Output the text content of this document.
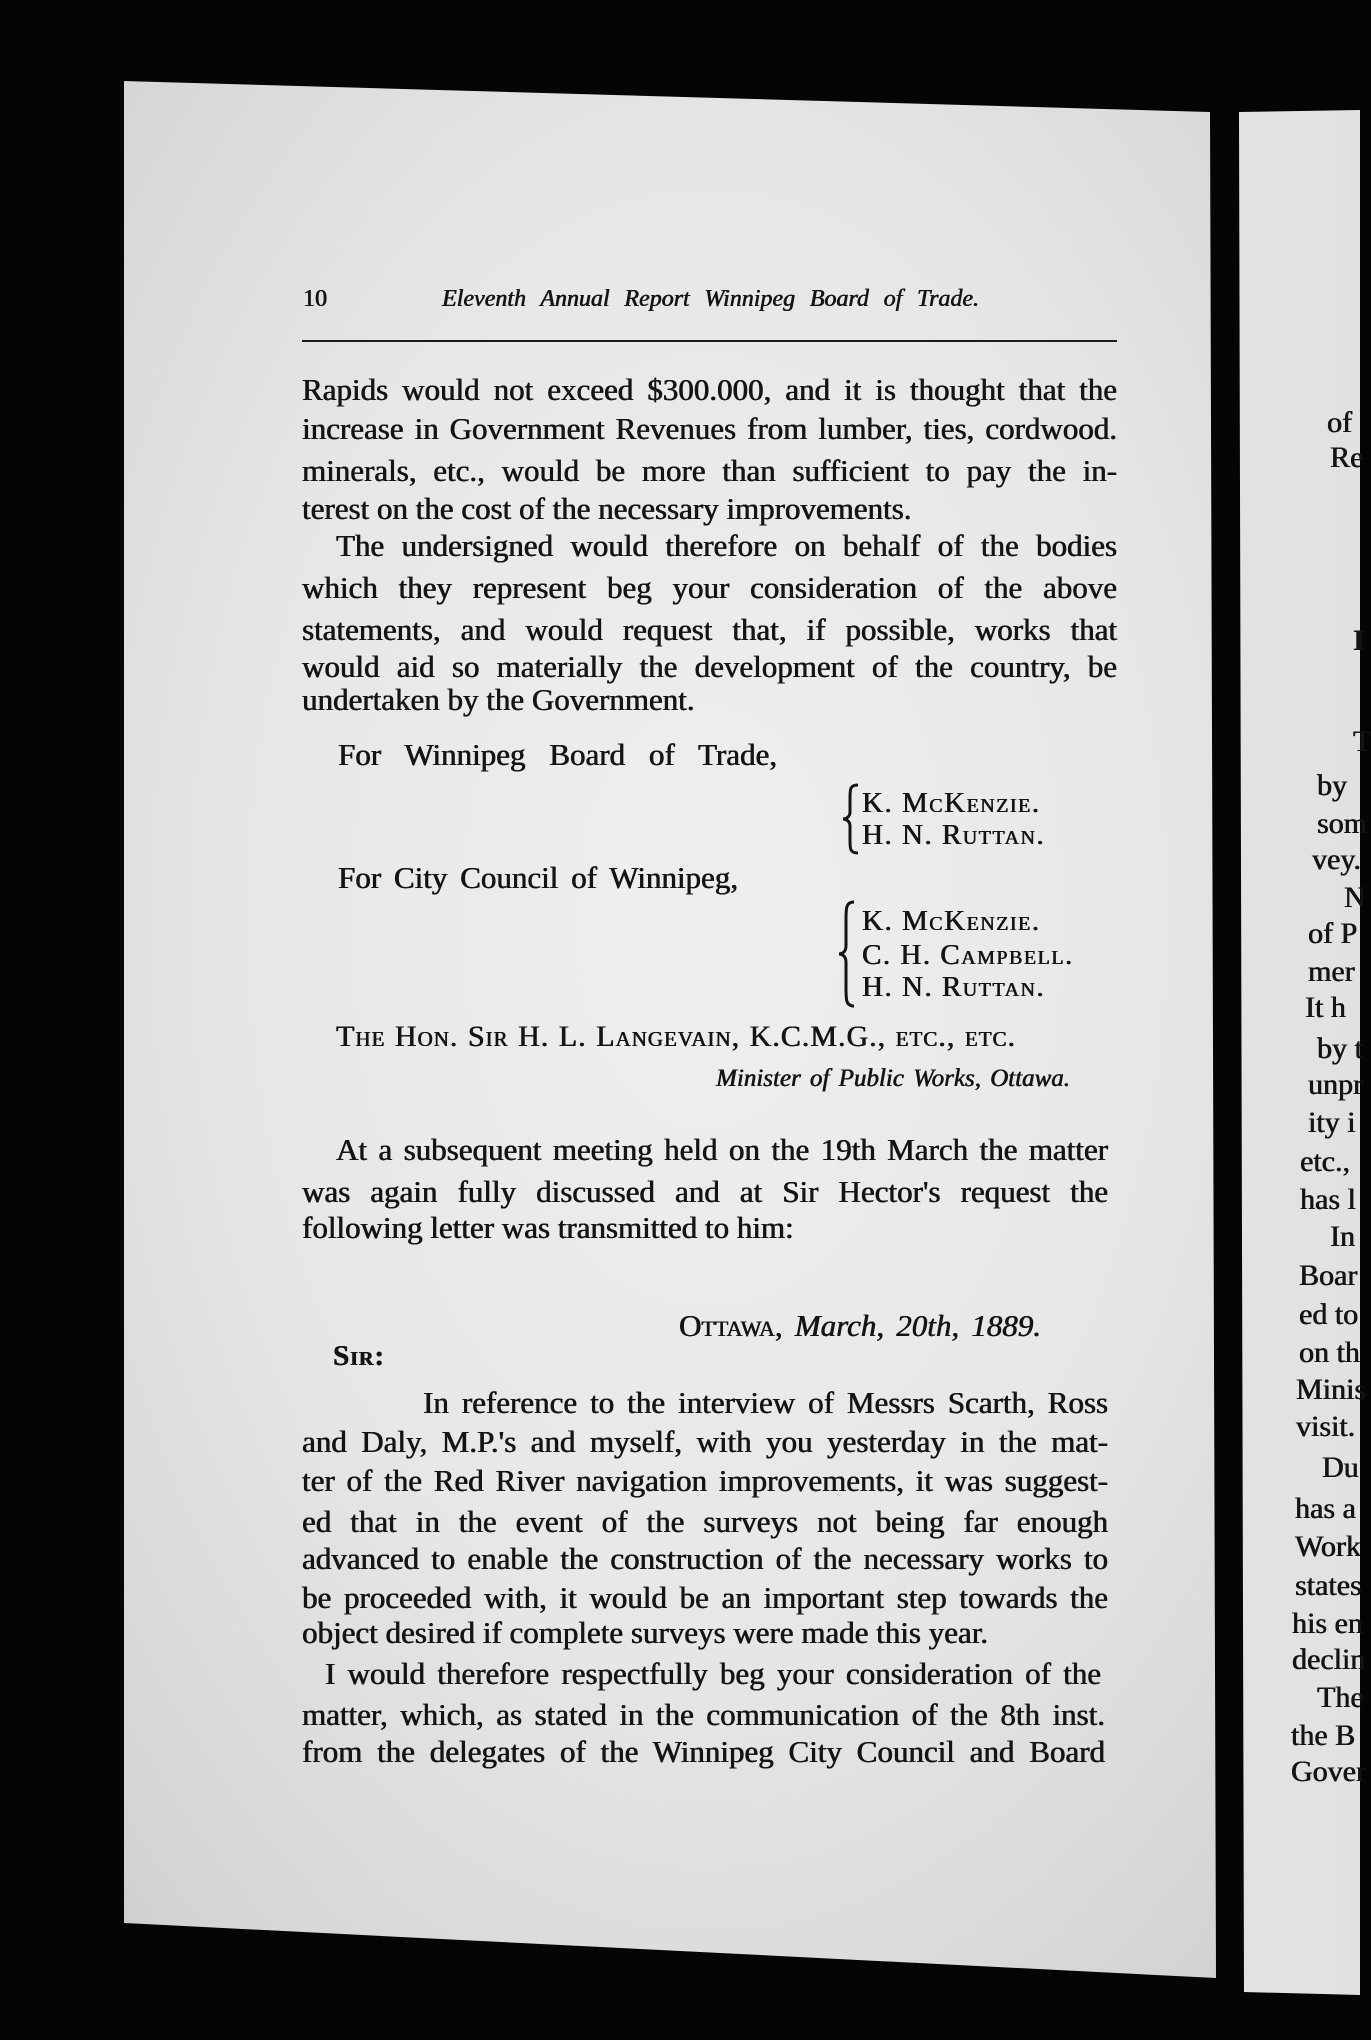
10	Eleventh Annual Report Winnipeg Board of Trade.
Rapids would not exceed $300.000, and it is thought that the
increase in Government Revenues from lumber, ties, cordwood.
minerals, etc., would be more than sufficient to pay the in-
terest on the cost of the necessary improvements.
The undersigned would therefore on behalf of the bodies
which they represent beg your consideration of the above
statements, and would request that, if possible, works that
would aid so materially the development of the country, be
undertaken by the Government.
For Winnipeg Board of Trade,
K. McKenzie.
H. N. Ruttan.
For City Council of Winnipeg,
K. McKenzie.
C. H. Campbell.
H. N. Ruttan.
The Hon. Sir H. L. Langevain, K.C.M.G., etc., etc.
Minister of Public Works, Ottawa.
At a subsequent meeting held on the 19th March the matter
was again fully discussed and at Sir Hector's request the
following letter was transmitted to him:
Ottawa, March, 20th, 1889.
Sir:
In reference to the interview of Messrs Scarth, Ross
and Daly, M.P.'s and myself, with you yesterday in the mat-
ter of the Red River navigation improvements, it was suggest-
ed that in the event of the surveys not being far enough
advanced to enable the construction of the necessary works to
be proceeded with, it would be an important step towards the
object desired if complete surveys were made this year.
I would therefore respectfully beg your consideration of the
matter, which, as stated in the communication of the 8th inst.
from the delegates of the Winnipeg City Council and Board
of
Re
I
T
by
som
vey.
N
of P
mer
It h
by t
unpr
ity i
etc.,
has l
In
Boar
ed to
on th
Minis
visit.
Du
has a
Work
states
his en
declin
The
the B
Gover
